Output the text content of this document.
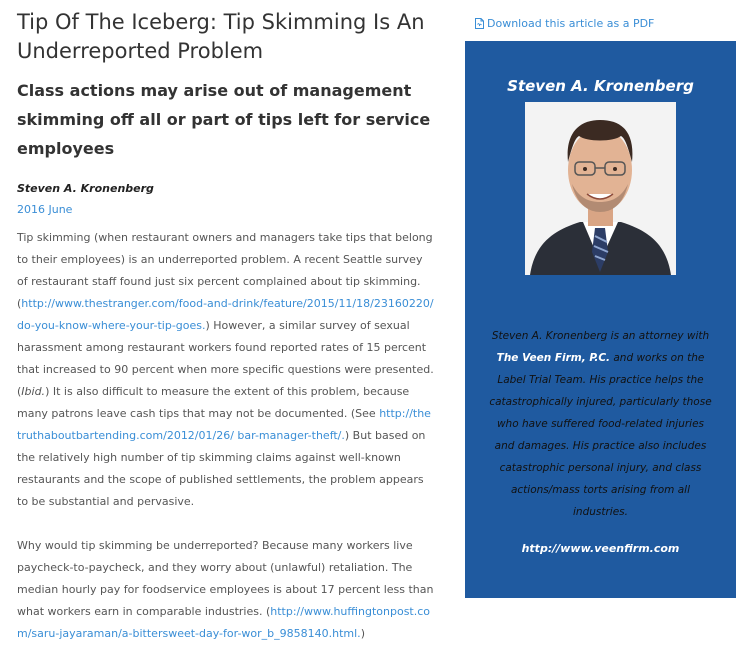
Tip Of The Iceberg: Tip Skimming Is An Underreported Problem
Class actions may arise out of management skimming off all or part of tips left for service employees

Steven A. Kronenberg

2016 June

Tip skimming (when restaurant owners and managers take tips that belong to their employees) is an underreported problem. A recent Seattle survey of restaurant staff found just six percent complained about tip skimming. (http://www.thestranger.com/food-and-drink/feature/2015/11/18/23160220/do-you-know-where-your-tip-goes.) However, a similar survey of sexual harassment among restaurant workers found reported rates of 15 percent that increased to 90 percent when more specific questions were presented. (Ibid.) It is also difficult to measure the extent of this problem, because many patrons leave cash tips that may not be documented. (See http://thetruthaboutbartending.com/2012/01/26/ bar-manager-theft/.) But based on the relatively high number of tip skimming claims against well-known restaurants and the scope of published settlements, the problem appears to be substantial and pervasive.

Why would tip skimming be underreported? Because many workers live paycheck-to-paycheck, and they worry about (unlawful) retaliation. The median hourly pay for foodservice employees is about 17 percent less than what workers earn in comparable industries. (http://www.huffingtonpost.com/saru-jayaraman/a-bittersweet-day-for-wor_b_9858140.html.)

Download this article as a PDF
Steven A. Kronenberg
Steven A. Kronenberg is an attorney with The Veen Firm, P.C. and works on the Label Trial Team. His practice helps the catastrophically injured, particularly those who have suffered food-related injuries and damages. His practice also includes catastrophic personal injury, and class actions/mass torts arising from all industries.
http://www.veenfirm.com
